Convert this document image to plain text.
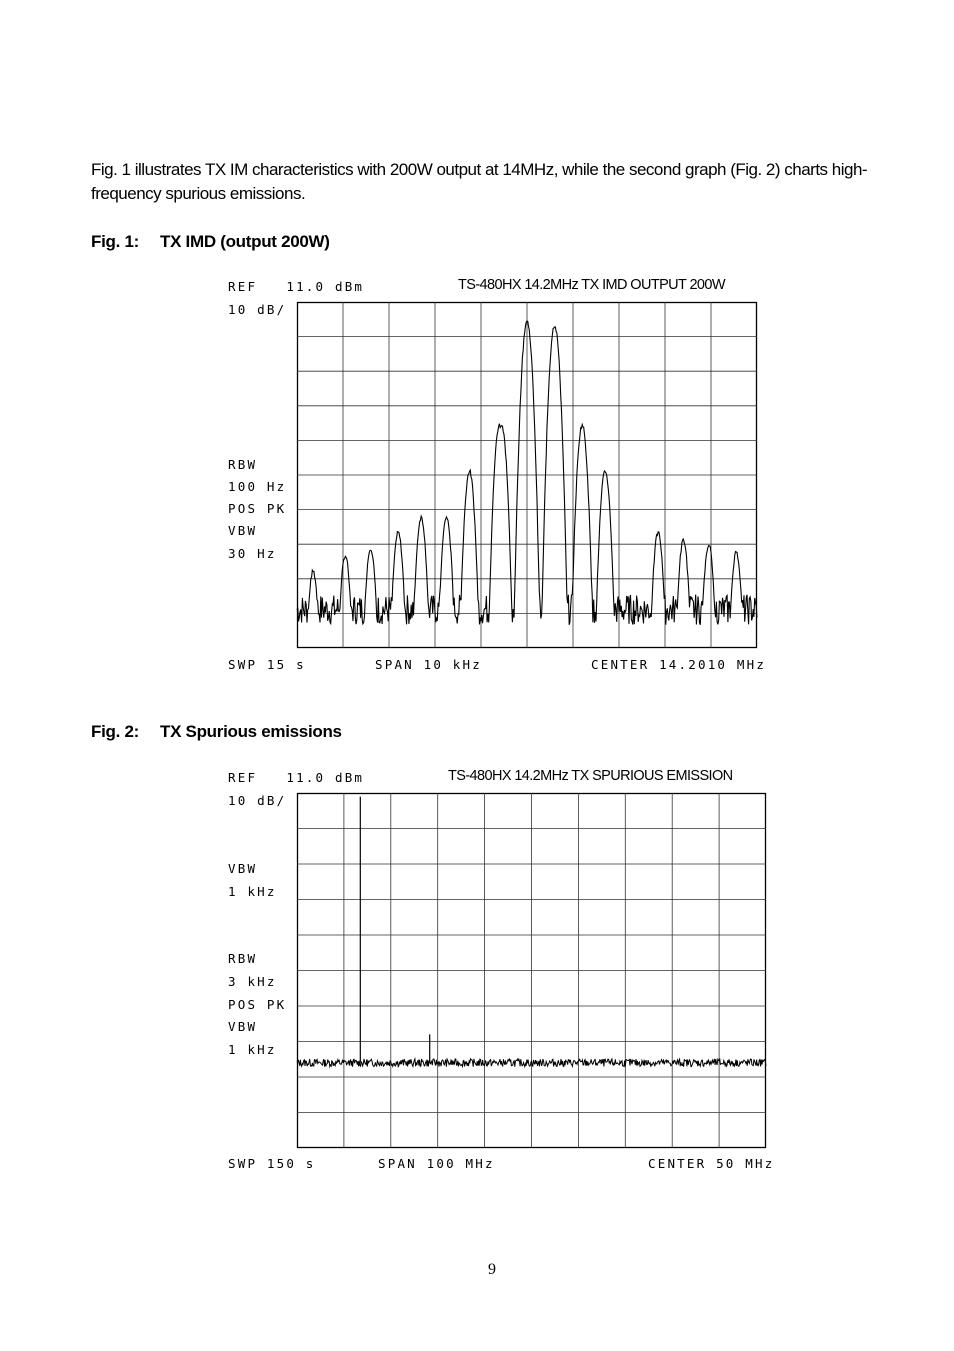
Fig. 1 illustrates TX IM characteristics with 200W output at 14MHz, while the second graph (Fig. 2) charts high-frequency spurious emissions.
Fig. 1: TX IMD (output 200W)
REF   11.0 dBm	TS-480HX 14.2MHz TX IMD OUTPUT 200W
10 dB/
RBW
100 Hz
POS PK
VBW
30 Hz
SWP 15 s	SPAN 10 kHz	CENTER 14.2010 MHz
Fig. 2: TX Spurious emissions
REF   11.0 dBm	TS-480HX 14.2MHz TX SPURIOUS EMISSION
10 dB/
VBW
1 kHz
RBW
3 kHz
POS PK
VBW
1 kHz
SWP 150 s	SPAN 100 MHz	CENTER 50 MHz
9
